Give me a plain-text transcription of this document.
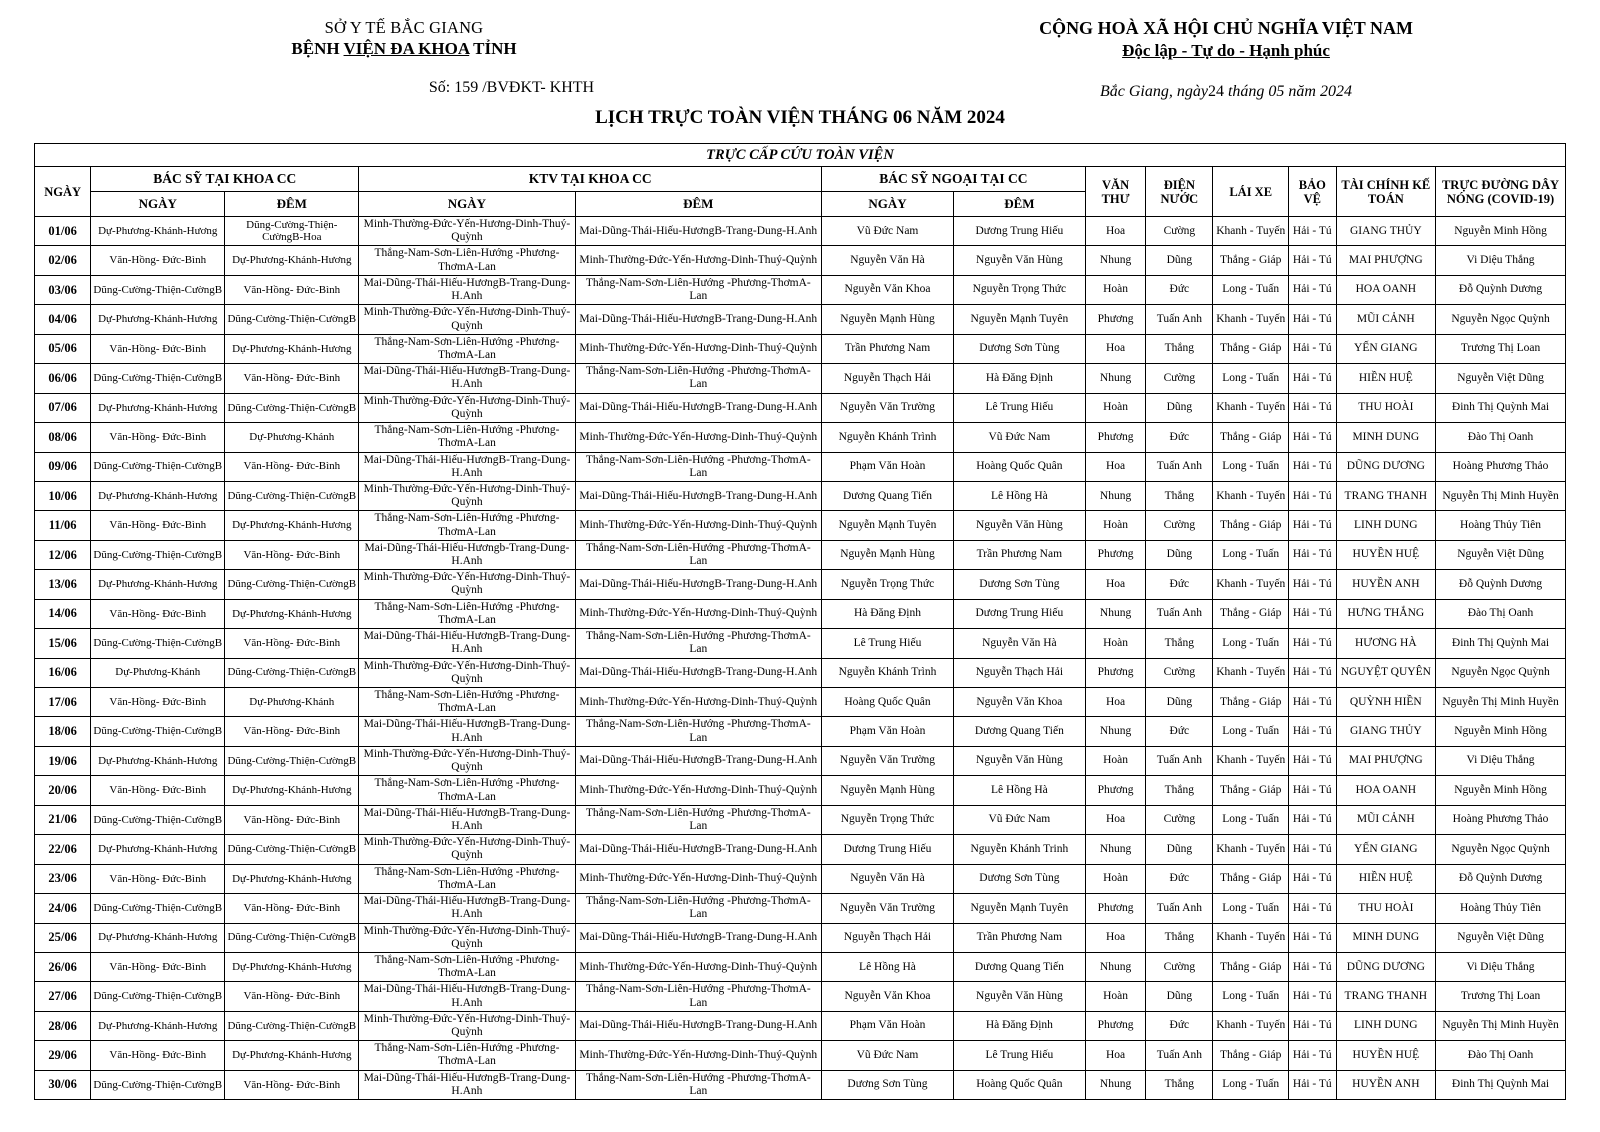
SỞ Y TẾ BẮC GIANG
BỆNH VIỆN ĐA KHOA TỈNH
Số: 159 /BVĐKT- KHTH
CỘNG HOÀ XÃ HỘI CHỦ NGHĨA VIỆT NAM
Độc lập - Tự do - Hạnh phúc
Bắc Giang, ngày24 tháng 05 năm 2024
LỊCH TRỰC TOÀN VIỆN THÁNG 06 NĂM 2024
TRỰC CẤP CỨU TOÀN VIỆN												
NGÀY	BÁC SỸ TẠI KHOA CC		KTV TẠI KHOA CC		BÁC SỸ NGOẠI TẠI CC		VĂN THƯ	ĐIỆN NƯỚC	LÁI XE	BẢO VỆ	TÀI CHÍNH KẾ TOÁN	TRỰC ĐƯỜNG DÂY NÓNG (COVID-19)
	NGÀY	ĐÊM	NGÀY	ĐÊM	NGÀY	ĐÊM						
01/06	Dự-Phương-Khánh-Hương	Dũng-Cường-Thiện-CườngB-Hoa	Minh-Thường-Đức-Yến-Hương-Dinh-Thuý-Quỳnh	Mai-Dũng-Thái-Hiếu-HươngB-Trang-Dung-H.Anh	Vũ Đức Nam	Dương Trung Hiếu	Hoa	Cường	Khanh - Tuyến	Hải - Tú	GIANG THỦY	Nguyễn Minh Hồng
02/06	Văn-Hồng- Đức-Bình	Dự-Phương-Khánh-Hương	Thắng-Nam-Sơn-Liên-Hướng -Phương-ThơmA-Lan	Minh-Thường-Đức-Yến-Hương-Dinh-Thuý-Quỳnh	Nguyễn Văn Hà	Nguyễn Văn Hùng	Nhung	Dũng	Thắng - Giáp	Hải - Tú	MAI PHƯỢNG	Vi Diệu Thắng
03/06	Dũng-Cường-Thiện-CườngB	Văn-Hồng- Đức-Bình	Mai-Dũng-Thái-Hiếu-HươngB-Trang-Dung-H.Anh	Thắng-Nam-Sơn-Liên-Hướng -Phương-ThơmA-Lan	Nguyễn Văn Khoa	Nguyễn Trọng Thức	Hoàn	Đức	Long - Tuấn	Hải - Tú	HOA OANH	Đỗ Quỳnh Dương
04/06	Dự-Phương-Khánh-Hương	Dũng-Cường-Thiện-CườngB	Minh-Thường-Đức-Yến-Hương-Dinh-Thuý-Quỳnh	Mai-Dũng-Thái-Hiếu-HươngB-Trang-Dung-H.Anh	Nguyễn Mạnh Hùng	Nguyễn Mạnh Tuyên	Phương	Tuấn Anh	Khanh - Tuyến	Hải - Tú	MŨI CẢNH	Nguyễn Ngọc Quỳnh
05/06	Văn-Hồng- Đức-Bình	Dự-Phương-Khánh-Hương	Thắng-Nam-Sơn-Liên-Hướng -Phương-ThơmA-Lan	Minh-Thường-Đức-Yến-Hương-Dinh-Thuý-Quỳnh	Trần Phương Nam	Dương Sơn Tùng	Hoa	Thắng	Thắng - Giáp	Hải - Tú	YẾN GIANG	Trương Thị Loan
06/06	Dũng-Cường-Thiện-CườngB	Văn-Hồng- Đức-Bình	Mai-Dũng-Thái-Hiếu-HươngB-Trang-Dung-H.Anh	Thắng-Nam-Sơn-Liên-Hướng -Phương-ThơmA-Lan	Nguyễn Thạch Hải	Hà Đăng Định	Nhung	Cường	Long - Tuấn	Hải - Tú	HIỀN HUỆ	Nguyễn Việt Dũng
07/06	Dự-Phương-Khánh-Hương	Dũng-Cường-Thiện-CườngB	Minh-Thường-Đức-Yến-Hương-Dinh-Thuý-Quỳnh	Mai-Dũng-Thái-Hiếu-HươngB-Trang-Dung-H.Anh	Nguyễn Văn Trường	Lê Trung Hiếu	Hoàn	Dũng	Khanh - Tuyến	Hải - Tú	THU HOÀI	Đinh Thị Quỳnh Mai
08/06	Văn-Hồng- Đức-Bình	Dự-Phương-Khánh	Thắng-Nam-Sơn-Liên-Hướng -Phương-ThơmA-Lan	Minh-Thường-Đức-Yến-Hương-Dinh-Thuý-Quỳnh	Nguyễn Khánh Trình	Vũ Đức Nam	Phương	Đức	Thắng - Giáp	Hải - Tú	MINH DUNG	Đào Thị Oanh
09/06	Dũng-Cường-Thiện-CườngB	Văn-Hồng- Đức-Bình	Mai-Dũng-Thái-Hiếu-HươngB-Trang-Dung-H.Anh	Thắng-Nam-Sơn-Liên-Hướng -Phương-ThơmA-Lan	Phạm Văn Hoàn	Hoàng Quốc Quân	Hoa	Tuấn Anh	Long - Tuấn	Hải - Tú	DŨNG DƯƠNG	Hoàng Phương Thảo
10/06	Dự-Phương-Khánh-Hương	Dũng-Cường-Thiện-CườngB	Minh-Thường-Đức-Yến-Hương-Dinh-Thuý-Quỳnh	Mai-Dũng-Thái-Hiếu-HươngB-Trang-Dung-H.Anh	Dương Quang Tiến	Lê Hồng Hà	Nhung	Thắng	Khanh - Tuyến	Hải - Tú	TRANG THANH	Nguyễn Thị Minh Huyền
11/06	Văn-Hồng- Đức-Bình	Dự-Phương-Khánh-Hương	Thắng-Nam-Sơn-Liên-Hướng -Phương-ThơmA-Lan	Minh-Thường-Đức-Yến-Hương-Dinh-Thuý-Quỳnh	Nguyễn Mạnh Tuyên	Nguyễn Văn Hùng	Hoàn	Cường	Thắng - Giáp	Hải - Tú	LINH DUNG	Hoàng Thủy Tiên
12/06	Dũng-Cường-Thiện-CườngB	Văn-Hồng- Đức-Bình	Mai-Dũng-Thái-Hiếu-Hươngb-Trang-Dung-H.Anh	Thắng-Nam-Sơn-Liên-Hướng -Phương-ThơmA-Lan	Nguyễn Mạnh Hùng	Trần Phương Nam	Phương	Dũng	Long - Tuấn	Hải - Tú	HUYỀN HUỆ	Nguyễn Việt Dũng
13/06	Dự-Phương-Khánh-Hương	Dũng-Cường-Thiện-CườngB	Minh-Thường-Đức-Yến-Hương-Dinh-Thuý-Quỳnh	Mai-Dũng-Thái-Hiếu-HươngB-Trang-Dung-H.Anh	Nguyễn Trọng Thức	Dương Sơn Tùng	Hoa	Đức	Khanh - Tuyến	Hải - Tú	HUYỀN ANH	Đỗ Quỳnh Dương
14/06	Văn-Hồng- Đức-Bình	Dự-Phương-Khánh-Hương	Thắng-Nam-Sơn-Liên-Hướng -Phương-ThơmA-Lan	Minh-Thường-Đức-Yến-Hương-Dinh-Thuý-Quỳnh	Hà Đăng Định	Dương Trung Hiếu	Nhung	Tuấn Anh	Thắng - Giáp	Hải - Tú	HƯNG THẮNG	Đào Thị Oanh
15/06	Dũng-Cường-Thiện-CườngB	Văn-Hồng- Đức-Bình	Mai-Dũng-Thái-Hiếu-HươngB-Trang-Dung-H.Anh	Thắng-Nam-Sơn-Liên-Hướng -Phương-ThơmA-Lan	Lê Trung Hiếu	Nguyễn Văn Hà	Hoàn	Thắng	Long - Tuấn	Hải - Tú	HƯƠNG HÀ	Đinh Thị Quỳnh Mai
16/06	Dự-Phương-Khánh	Dũng-Cường-Thiện-CườngB	Minh-Thường-Đức-Yến-Hương-Dinh-Thuý-Quỳnh	Mai-Dũng-Thái-Hiếu-HươngB-Trang-Dung-H.Anh	Nguyễn Khánh Trình	Nguyễn Thạch Hải	Phương	Cường	Khanh - Tuyến	Hải - Tú	NGUYỆT QUYÊN	Nguyễn Ngọc Quỳnh
17/06	Văn-Hồng- Đức-Bình	Dự-Phương-Khánh	Thắng-Nam-Sơn-Liên-Hướng -Phương-ThơmA-Lan	Minh-Thường-Đức-Yến-Hương-Dinh-Thuý-Quỳnh	Hoàng Quốc Quân	Nguyễn Văn Khoa	Hoa	Dũng	Thắng - Giáp	Hải - Tú	QUỲNH HIỀN	Nguyễn Thị Minh Huyền
18/06	Dũng-Cường-Thiện-CườngB	Văn-Hồng- Đức-Bình	Mai-Dũng-Thái-Hiếu-HươngB-Trang-Dung-H.Anh	Thắng-Nam-Sơn-Liên-Hướng -Phương-ThơmA-Lan	Phạm Văn Hoàn	Dương Quang Tiến	Nhung	Đức	Long - Tuấn	Hải - Tú	GIANG THỦY	Nguyễn Minh Hồng
19/06	Dự-Phương-Khánh-Hương	Dũng-Cường-Thiện-CườngB	Minh-Thường-Đức-Yến-Hương-Dinh-Thuý-Quỳnh	Mai-Dũng-Thái-Hiếu-HươngB-Trang-Dung-H.Anh	Nguyễn Văn Trường	Nguyễn Văn Hùng	Hoàn	Tuấn Anh	Khanh - Tuyến	Hải - Tú	MAI PHƯỢNG	Vi Diệu Thắng
20/06	Văn-Hồng- Đức-Bình	Dự-Phương-Khánh-Hương	Thắng-Nam-Sơn-Liên-Hướng -Phương-ThơmA-Lan	Minh-Thường-Đức-Yến-Hương-Dinh-Thuý-Quỳnh	Nguyễn Mạnh Hùng	Lê Hồng Hà	Phương	Thắng	Thắng - Giáp	Hải - Tú	HOA OANH	Nguyễn Minh Hồng
21/06	Dũng-Cường-Thiện-CườngB	Văn-Hồng- Đức-Bình	Mai-Dũng-Thái-Hiếu-HươngB-Trang-Dung-H.Anh	Thắng-Nam-Sơn-Liên-Hướng -Phương-ThơmA-Lan	Nguyễn Trọng Thức	Vũ Đức Nam	Hoa	Cường	Long - Tuấn	Hải - Tú	MŨI CẢNH	Hoàng Phương Thảo
22/06	Dự-Phương-Khánh-Hương	Dũng-Cường-Thiện-CườngB	Minh-Thường-Đức-Yến-Hương-Dinh-Thuý-Quỳnh	Mai-Dũng-Thái-Hiếu-HươngB-Trang-Dung-H.Anh	Dương Trung Hiếu	Nguyễn Khánh Trinh	Nhung	Dũng	Khanh - Tuyến	Hải - Tú	YẾN GIANG	Nguyễn Ngọc Quỳnh
23/06	Văn-Hồng- Đức-Bình	Dự-Phương-Khánh-Hương	Thắng-Nam-Sơn-Liên-Hướng -Phương-ThơmA-Lan	Minh-Thường-Đức-Yến-Hương-Dinh-Thuý-Quỳnh	Nguyễn Văn Hà	Dương Sơn Tùng	Hoàn	Đức	Thắng - Giáp	Hải - Tú	HIỀN HUỆ	Đỗ Quỳnh Dương
24/06	Dũng-Cường-Thiện-CườngB	Văn-Hồng- Đức-Bình	Mai-Dũng-Thái-Hiếu-HươngB-Trang-Dung-H.Anh	Thắng-Nam-Sơn-Liên-Hướng -Phương-ThơmA-Lan	Nguyễn Văn Trường	Nguyễn Mạnh Tuyên	Phương	Tuấn Anh	Long - Tuấn	Hải - Tú	THU HOÀI	Hoàng Thủy Tiên
25/06	Dự-Phương-Khánh-Hương	Dũng-Cường-Thiện-CườngB	Minh-Thường-Đức-Yến-Hương-Dinh-Thuý-Quỳnh	Mai-Dũng-Thái-Hiếu-HươngB-Trang-Dung-H.Anh	Nguyễn Thạch Hải	Trần Phương Nam	Hoa	Thắng	Khanh - Tuyến	Hải - Tú	MINH DUNG	Nguyễn Việt Dũng
26/06	Văn-Hồng- Đức-Bình	Dự-Phương-Khánh-Hương	Thắng-Nam-Sơn-Liên-Hướng -Phương-ThơmA-Lan	Minh-Thường-Đức-Yến-Hương-Dinh-Thuý-Quỳnh	Lê Hồng Hà	Dương Quang Tiến	Nhung	Cường	Thắng - Giáp	Hải - Tú	DŨNG DƯƠNG	Vi Diệu Thắng
27/06	Dũng-Cường-Thiện-CườngB	Văn-Hồng- Đức-Bình	Mai-Dũng-Thái-Hiếu-HươngB-Trang-Dung-H.Anh	Thắng-Nam-Sơn-Liên-Hướng -Phương-ThơmA-Lan	Nguyễn Văn Khoa	Nguyễn Văn Hùng	Hoàn	Dũng	Long - Tuấn	Hải - Tú	TRANG THANH	Trương Thị Loan
28/06	Dự-Phương-Khánh-Hương	Dũng-Cường-Thiện-CườngB	Minh-Thường-Đức-Yến-Hương-Dinh-Thuý-Quỳnh	Mai-Dũng-Thái-Hiếu-HươngB-Trang-Dung-H.Anh	Phạm Văn Hoàn	Hà Đăng Định	Phương	Đức	Khanh - Tuyến	Hải - Tú	LINH DUNG	Nguyễn Thị Minh Huyền
29/06	Văn-Hồng- Đức-Bình	Dự-Phương-Khánh-Hương	Thắng-Nam-Sơn-Liên-Hướng -Phương-ThơmA-Lan	Minh-Thường-Đức-Yến-Hương-Dinh-Thuý-Quỳnh	Vũ Đức Nam	Lê Trung Hiếu	Hoa	Tuấn Anh	Thắng - Giáp	Hải - Tú	HUYỀN HUỆ	Đào Thị Oanh
30/06	Dũng-Cường-Thiện-CườngB	Văn-Hồng- Đức-Bình	Mai-Dũng-Thái-Hiếu-HươngB-Trang-Dung-H.Anh	Thắng-Nam-Sơn-Liên-Hướng -Phương-ThơmA-Lan	Dương Sơn Tùng	Hoàng Quốc Quân	Nhung	Thắng	Long - Tuấn	Hải - Tú	HUYỀN ANH	Đinh Thị Quỳnh Mai
